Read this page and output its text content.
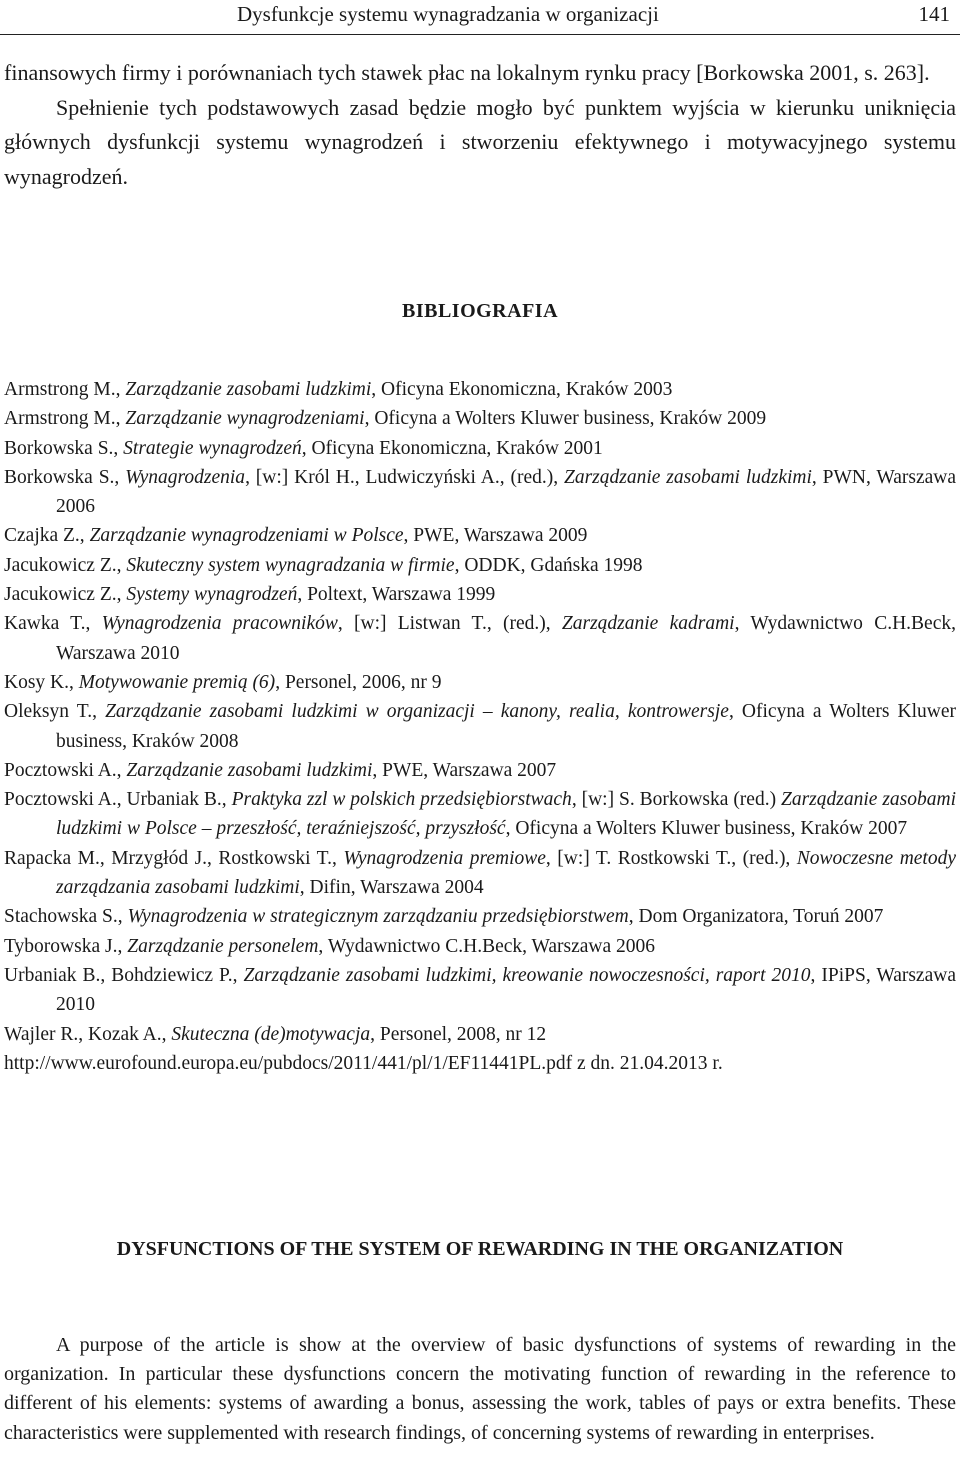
Dysfunkcje systemu wynagradzania w organizacji	141
finansowych firmy i porównaniach tych stawek płac na lokalnym rynku pracy [Borkowska 2001, s. 263].
Spełnienie tych podstawowych zasad będzie mogło być punktem wyjścia w kierunku uniknięcia głównych dysfunkcji systemu wynagrodzeń i stworzeniu efektywnego i motywacyjnego systemu wynagrodzeń.
BIBLIOGRAFIA
Armstrong M., Zarządzanie zasobami ludzkimi, Oficyna Ekonomiczna, Kraków 2003
Armstrong M., Zarządzanie wynagrodzeniami, Oficyna a Wolters Kluwer business, Kraków 2009
Borkowska S., Strategie wynagrodzeń, Oficyna Ekonomiczna, Kraków 2001
Borkowska S., Wynagrodzenia, [w:] Król H., Ludwiczyński A., (red.), Zarządzanie zasobami ludzkimi, PWN, Warszawa 2006
Czajka Z., Zarządzanie wynagrodzeniami w Polsce, PWE, Warszawa 2009
Jacukowicz Z., Skuteczny system wynagradzania w firmie, ODDK, Gdańska 1998
Jacukowicz Z., Systemy wynagrodzeń, Poltext, Warszawa 1999
Kawka T., Wynagrodzenia pracowników, [w:] Listwan T., (red.), Zarządzanie kadrami, Wydawnictwo C.H.Beck, Warszawa 2010
Kosy K., Motywowanie premią (6), Personel, 2006, nr 9
Oleksyn T., Zarządzanie zasobami ludzkimi w organizacji – kanony, realia, kontrowersje, Oficyna a Wolters Kluwer business, Kraków 2008
Pocztowski A., Zarządzanie zasobami ludzkimi, PWE, Warszawa 2007
Pocztowski A., Urbaniak B., Praktyka zzl w polskich przedsiębiorstwach, [w:] S. Borkowska (red.) Zarządzanie zasobami ludzkimi w Polsce – przeszłość, teraźniejszość, przyszłość, Oficyna a Wolters Kluwer business, Kraków 2007
Rapacka M., Mrzygłód J., Rostkowski T., Wynagrodzenia premiowe, [w:] T. Rostkowski T., (red.), Nowoczesne metody zarządzania zasobami ludzkimi, Difin, Warszawa 2004
Stachowska S., Wynagrodzenia w strategicznym zarządzaniu przedsiębiorstwem, Dom Organizatora, Toruń 2007
Tyborowska J., Zarządzanie personelem, Wydawnictwo C.H.Beck, Warszawa 2006
Urbaniak B., Bohdziewicz P., Zarządzanie zasobami ludzkimi, kreowanie nowoczesności, raport 2010, IPiPS, Warszawa 2010
Wajler R., Kozak A., Skuteczna (de)motywacja, Personel, 2008, nr 12
http://www.eurofound.europa.eu/pubdocs/2011/441/pl/1/EF11441PL.pdf z dn. 21.04.2013 r.
DYSFUNCTIONS OF THE SYSTEM OF REWARDING IN THE ORGANIZATION
A purpose of the article is show at the overview of basic dysfunctions of systems of rewarding in the organization. In particular these dysfunctions concern the motivating function of rewarding in the reference to different of his elements: systems of awarding a bonus, assessing the work, tables of pays or extra benefits. These characteristics were supplemented with research findings, of concerning systems of rewarding in enterprises.
